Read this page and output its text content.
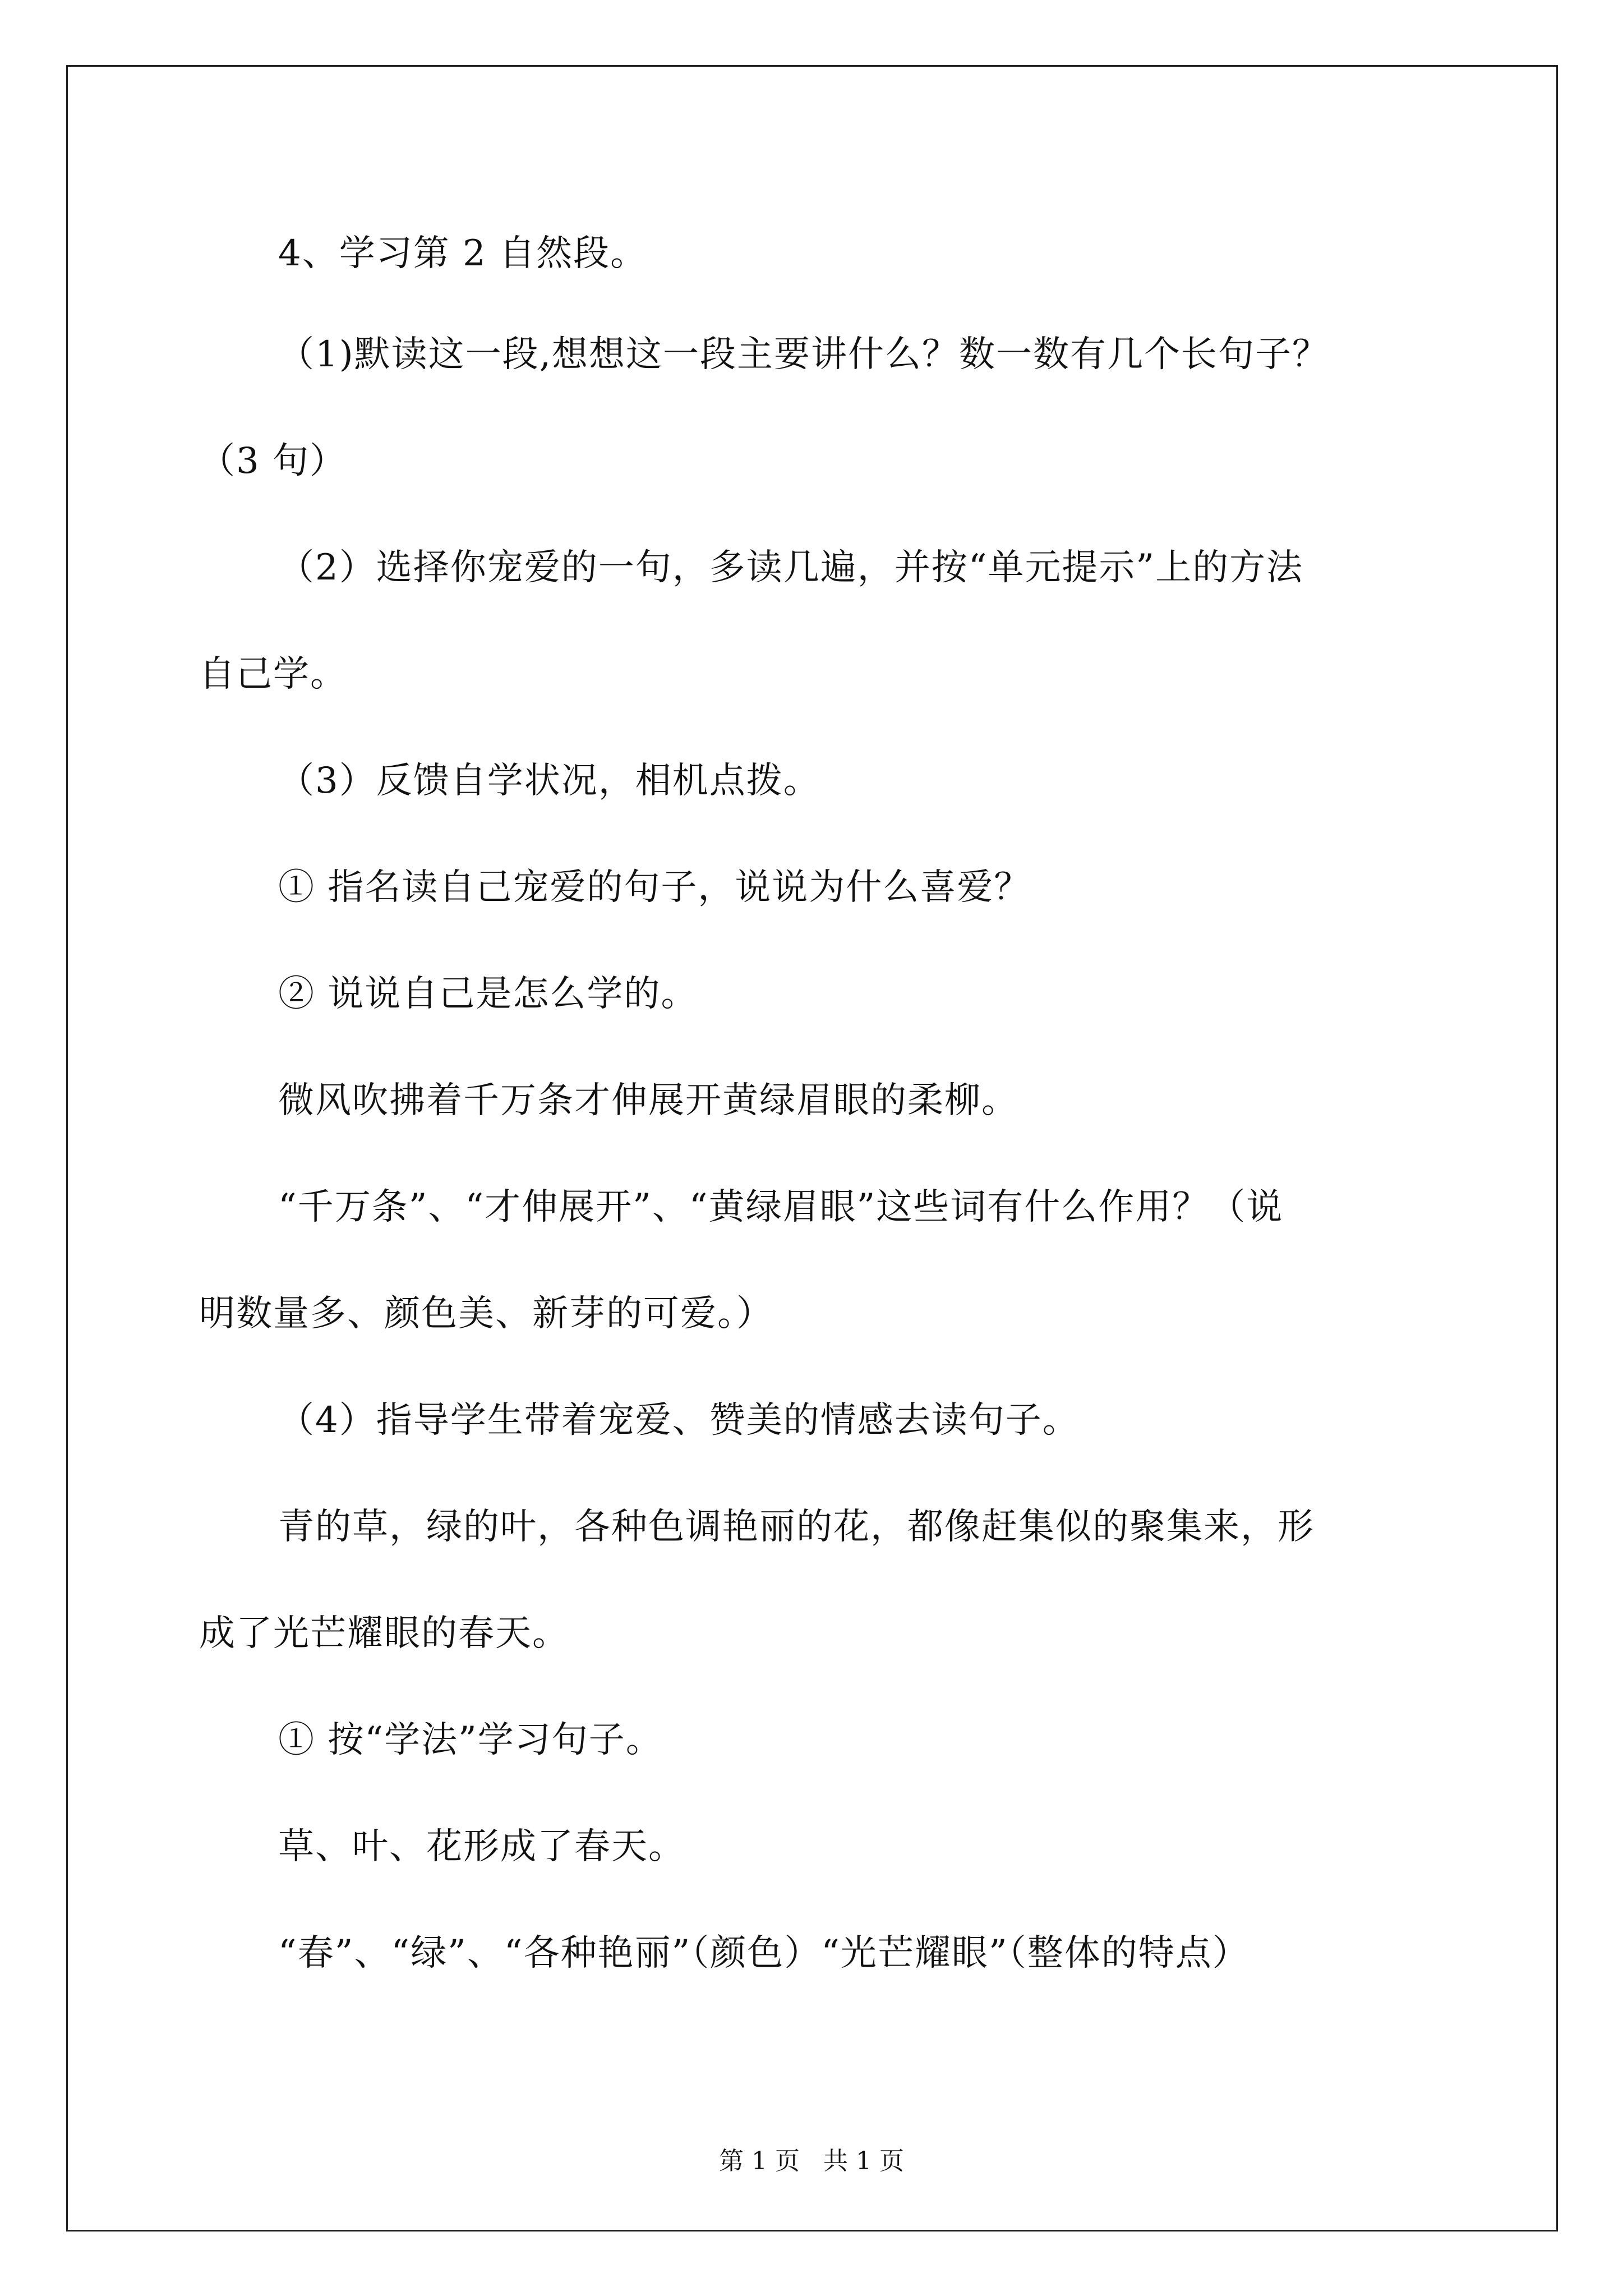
4、学习第 2 自然段。
（1)默读这一段,想想这一段主要讲什么？数一数有几个长句子？
（3 句）
（2）选择你宠爱的一句，多读几遍，并按“单元提示”上的方法
自己学。
（3）反馈自学状况，相机点拨。
① 指名读自己宠爱的句子，说说为什么喜爱？
② 说说自己是怎么学的。
微风吹拂着千万条才伸展开黄绿眉眼的柔柳。
“千万条”、“才伸展开”、“黄绿眉眼”这些词有什么作用？（说
明数量多、颜色美、新芽的可爱。）
（4）指导学生带着宠爱、赞美的情感去读句子。
青的草，绿的叶，各种色调艳丽的花，都像赶集似的聚集来，形
成了光芒耀眼的春天。
① 按“学法”学习句子。
草、叶、花形成了春天。
“春”、“绿”、“各种艳丽”（颜色）“光芒耀眼”（整体的特点）
第 1 页 共 1 页
